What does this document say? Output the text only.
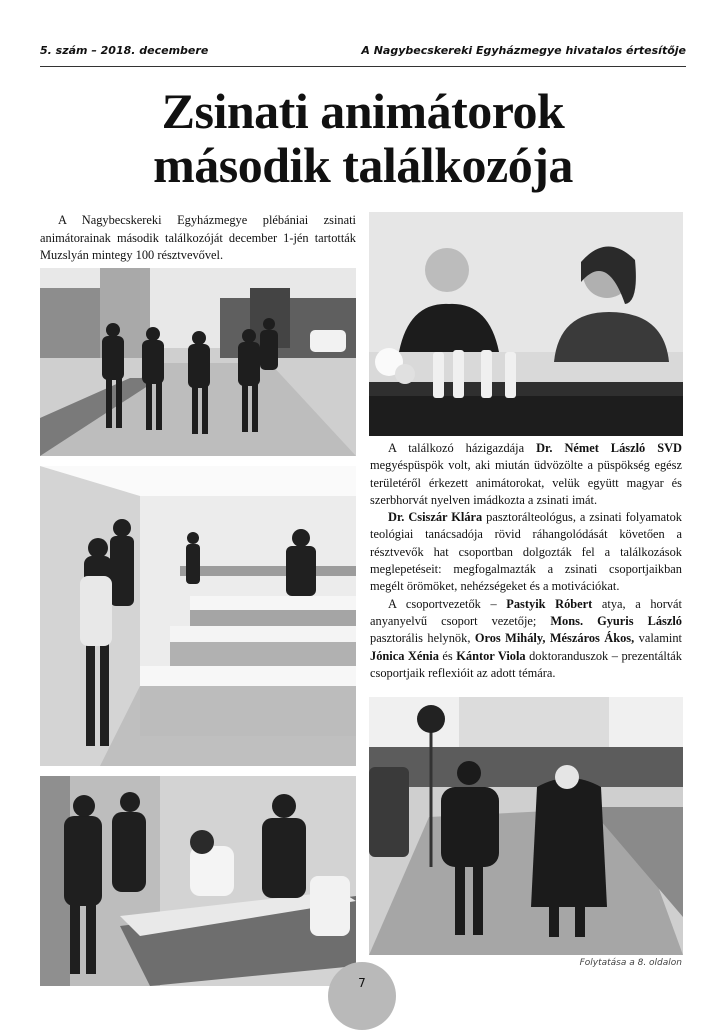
5. szám – 2018. decembere	A Nagybecskereki Egyházmegye hivatalos értesítője
Zsinati animátorok
második találkozója
A Nagybecskereki Egyházmegye plébániai zsinati animátorainak második találkozóját december 1-jén tartották Muzslyán mintegy 100 résztvevővel.

A találkozó házigazdája Dr. Német László SVD megyéspüspök volt, aki miután üdvözölte a püspökség egész területéről érkezett animátorokat, velük együtt magyar és szerbhorvát nyelven imádkozta a zsinati imát.

Dr. Csiszár Klára pasztorálteológus, a zsinati folyamatok teológiai tanácsadója rövid ráhangolódását követően a résztvevők hat csoportban dolgozták fel a találkozások meglepetéseit: megfogalmazták a zsinati csoportjaikban megélt örömöket, nehézségeket és a motivációkat.

A csoportvezetők – Pastyik Róbert atya, a horvát anyanyelvű csoport vezetője; Mons. Gyuris László pasztorális helynök, Oros Mihály, Mészáros Ákos, valamint Jónica Xénia és Kántor Viola doktoranduszok – prezentálták csoportjaik reflexióit az adott témára.

Folytatása a 8. oldalon
7
